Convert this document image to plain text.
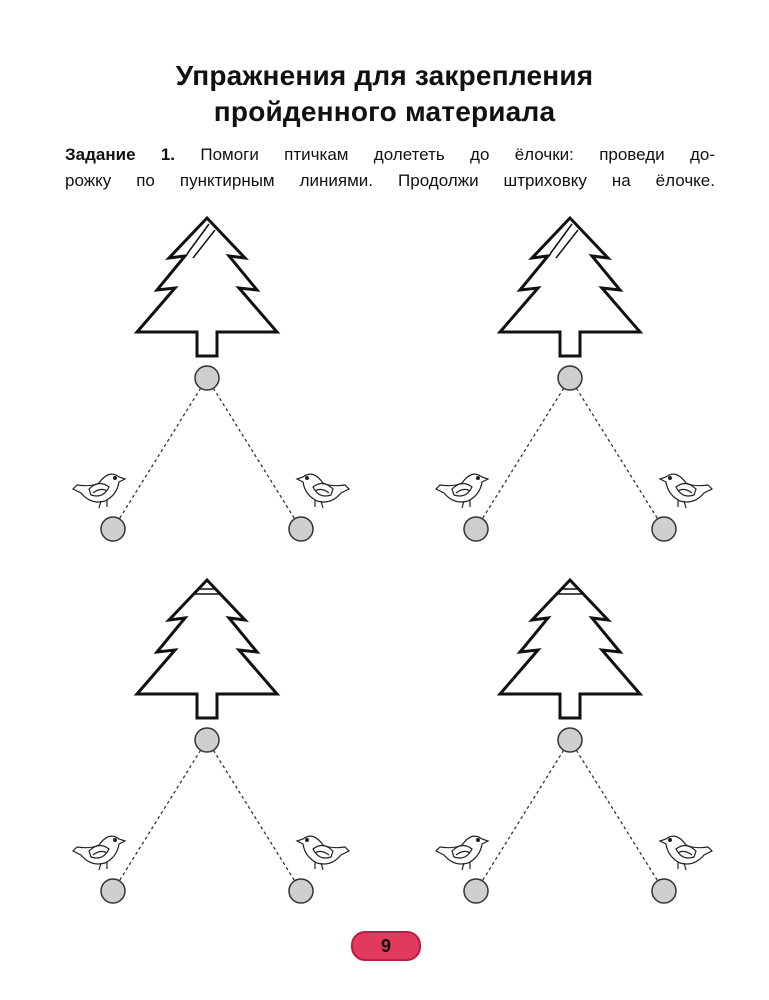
Упражнения для закрепления
пройденного материала
Задание 1. Помоги птичкам долететь до ёлочки: проведи до-
рожку по пунктирным линиями. Продолжи штриховку на ёлочке.
9
